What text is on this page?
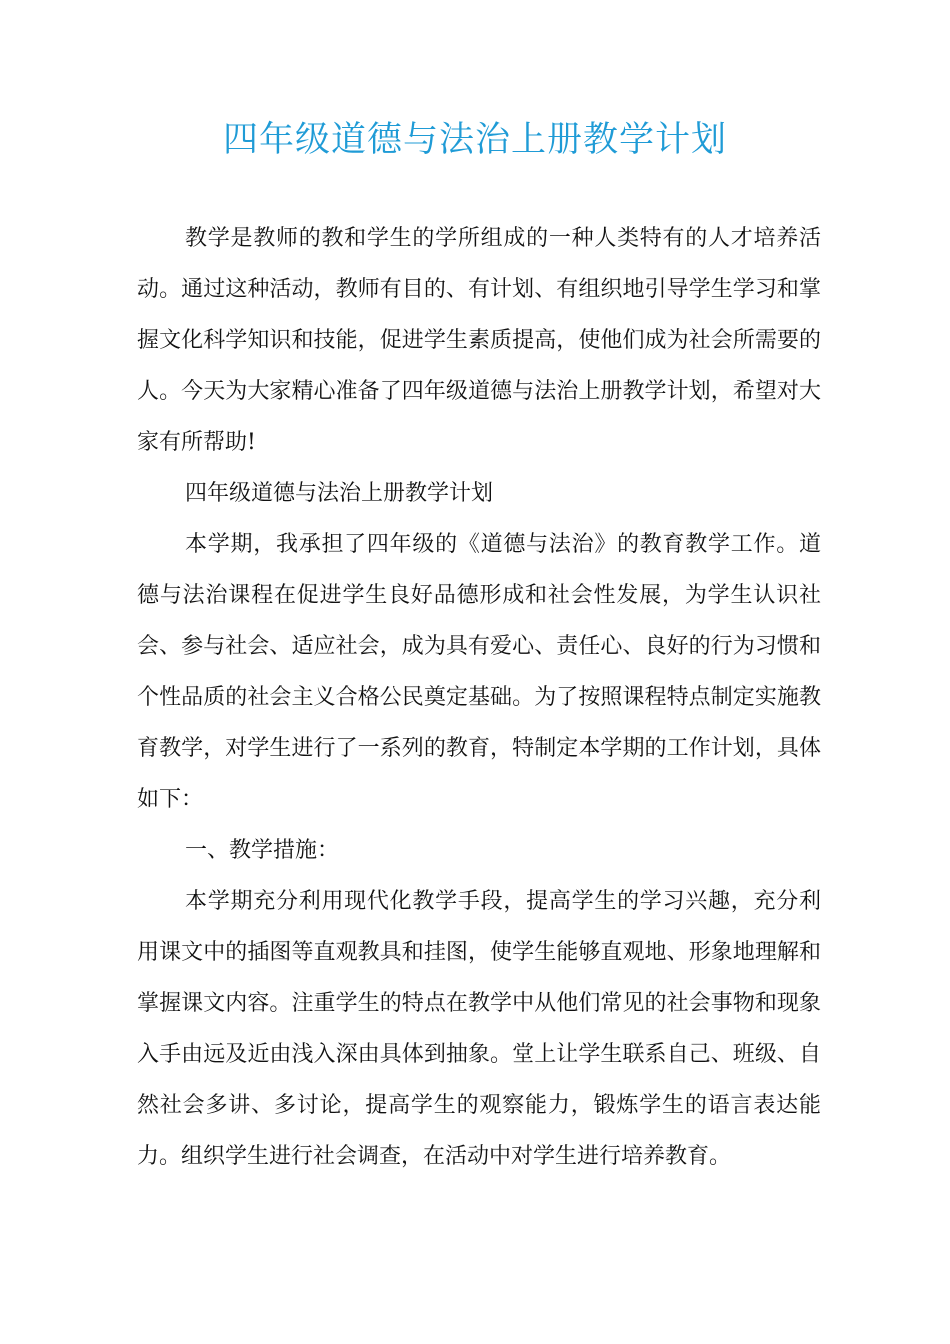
四年级道德与法治上册教学计划

教学是教师的教和学生的学所组成的一种人类特有的人才培养活动。通过这种活动，教师有目的、有计划、有组织地引导学生学习和掌握文化科学知识和技能，促进学生素质提高，使他们成为社会所需要的人。今天为大家精心准备了四年级道德与法治上册教学计划，希望对大家有所帮助!

四年级道德与法治上册教学计划

本学期，我承担了四年级的《道德与法治》的教育教学工作。道德与法治课程在促进学生良好品德形成和社会性发展，为学生认识社会、参与社会、适应社会，成为具有爱心、责任心、良好的行为习惯和个性品质的社会主义合格公民奠定基础。为了按照课程特点制定实施教育教学，对学生进行了一系列的教育，特制定本学期的工作计划，具体如下：

一、教学措施：

本学期充分利用现代化教学手段，提高学生的学习兴趣，充分利用课文中的插图等直观教具和挂图，使学生能够直观地、形象地理解和掌握课文内容。注重学生的特点在教学中从他们常见的社会事物和现象入手由远及近由浅入深由具体到抽象。堂上让学生联系自己、班级、自然社会多讲、多讨论，提高学生的观察能力，锻炼学生的语言表达能力。组织学生进行社会调查，在活动中对学生进行培养教育。
